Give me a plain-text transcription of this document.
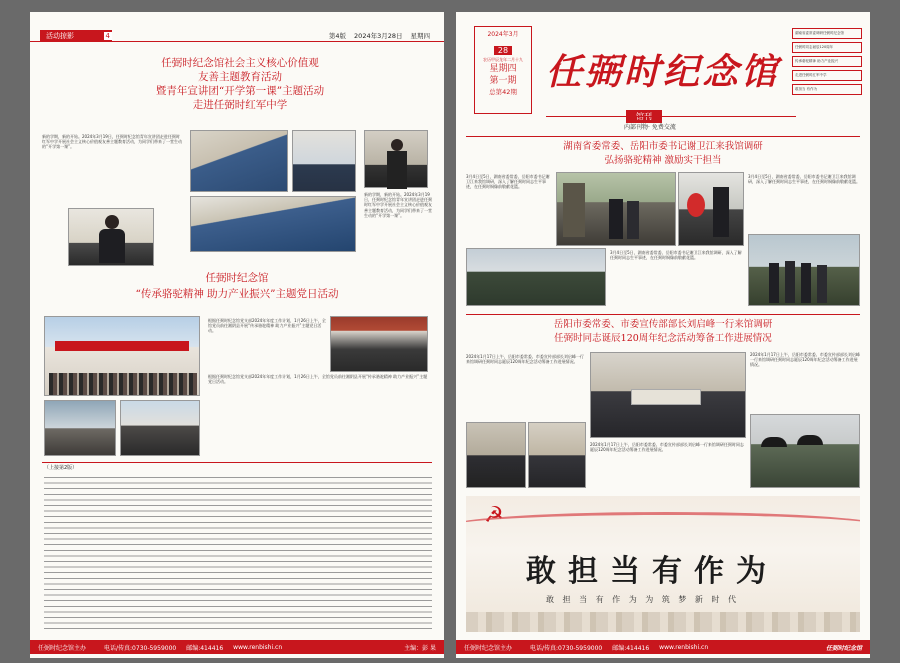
活动掠影	4	第4版 2024年3月28日 星期四
任弼时纪念馆社会主义核心价值观
友善主题教育活动
暨青年宣讲团“开学第一课”主题活动
走进任弼时红军中学
新的学期，新的开始。2024年3月19日，任弼时纪念馆青年宣讲团走进任弼时红军中学开展社会主义核心价值观友善主题教育活动，为同学们带来了一堂生动的“开学第一课”。
新的学期，新的开始。2024年3月19日，任弼时纪念馆青年宣讲团走进任弼时红军中学开展社会主义核心价值观友善主题教育活动，为同学们带来了一堂生动的“开学第一课”。
任弼时纪念馆
“传承骆驼精神 助力产业振兴”主题党日活动
根据任弼时纪念馆党支部2024年年度工作计划，1月26日上午，全馆党员前往湘阴县开展“传承骆驼精神 助力产业振兴”主题党日活动。
根据任弼时纪念馆党支部2024年年度工作计划，1月26日上午，全馆党员前往湘阴县开展“传承骆驼精神 助力产业振兴”主题党日活动。
（上接第2版）
任弼时纪念馆主办	电话/传真:0730-5959000 邮编:414416 www.renbishi.cn	主编：彭 果
2024年3月
28
农历甲辰龙年二月十九
星期四
第一期
总第42期 任弼时纪念馆
内部刊物· 免费交流
湖南省委常委调研任弼时纪念馆
任弼时同志诞辰120周年
传承骆驼精神 助力产业振兴
走进任弼时红军中学
敢担当 有作为
湖南省委常委、岳阳市委书记谢卫江来我馆调研
弘扬骆驼精神 激励实干担当
3月4日至5日，湖南省委常委、岳阳市委书记谢卫江来我馆调研，深入了解任弼时同志生平事迹，在任弼时铜像前敬献花篮。
3月4日至5日，湖南省委常委、岳阳市委书记谢卫江来我馆调研，深入了解任弼时同志生平事迹，在任弼时铜像前敬献花篮。
3月4日至5日，湖南省委常委、岳阳市委书记谢卫江来我馆调研，深入了解任弼时同志生平事迹，在任弼时铜像前敬献花篮。
岳阳市委常委、市委宣传部部长刘启峰一行来馆调研
任弼时同志诞辰120周年纪念活动筹备工作进展情况
2024年1月17日上午，岳阳市委常委、市委宣传部部长刘启峰一行来馆调研任弼时同志诞辰120周年纪念活动筹备工作进展情况。
2024年1月17日上午，岳阳市委常委、市委宣传部部长刘启峰一行来馆调研任弼时同志诞辰120周年纪念活动筹备工作进展情况。
2024年1月17日上午，岳阳市委常委、市委宣传部部长刘启峰一行来馆调研任弼时同志诞辰120周年纪念活动筹备工作进展情况。
☭
敢担当有作为
敢 担 当 有 作 为 为 筑 梦 新 时 代
任弼时纪念馆主办	电话/传真:0730-5959000 邮编:414416 www.renbishi.cn	任弼时纪念馆
